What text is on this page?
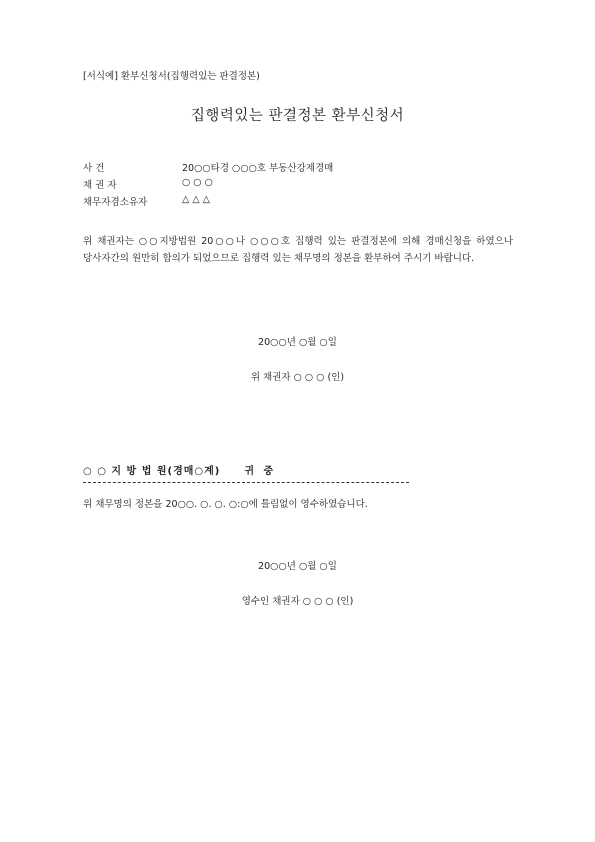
[서식예] 환부신청서(집행력있는 판결정본)
집행력있는 판결정본 환부신청서
사 건	20○○타경 ○○○호 부동산강제경매
채 권 자	○ ○ ○
채무자겸소유자	△ △ △
위 채권자는 ○○지방법원 20○○나 ○○○호 집행력 있는 판결정본에 의해 경매신청을 하였으나 당사자간의 원만히 합의가 되었으므로 집행력 있는 채무명의 정본을 환부하여 주시기 바랍니다.
20○○년 ○월 ○일
위 채권자 ○ ○ ○ (인)
○ ○ 지 방 법 원(경매○계) 귀 중
위 채무명의 정본을 20○○. ○. ○. ○:○에 틀림없이 영수하였습니다.
20○○년 ○월 ○일
영수인 채권자 ○ ○ ○ (인)
